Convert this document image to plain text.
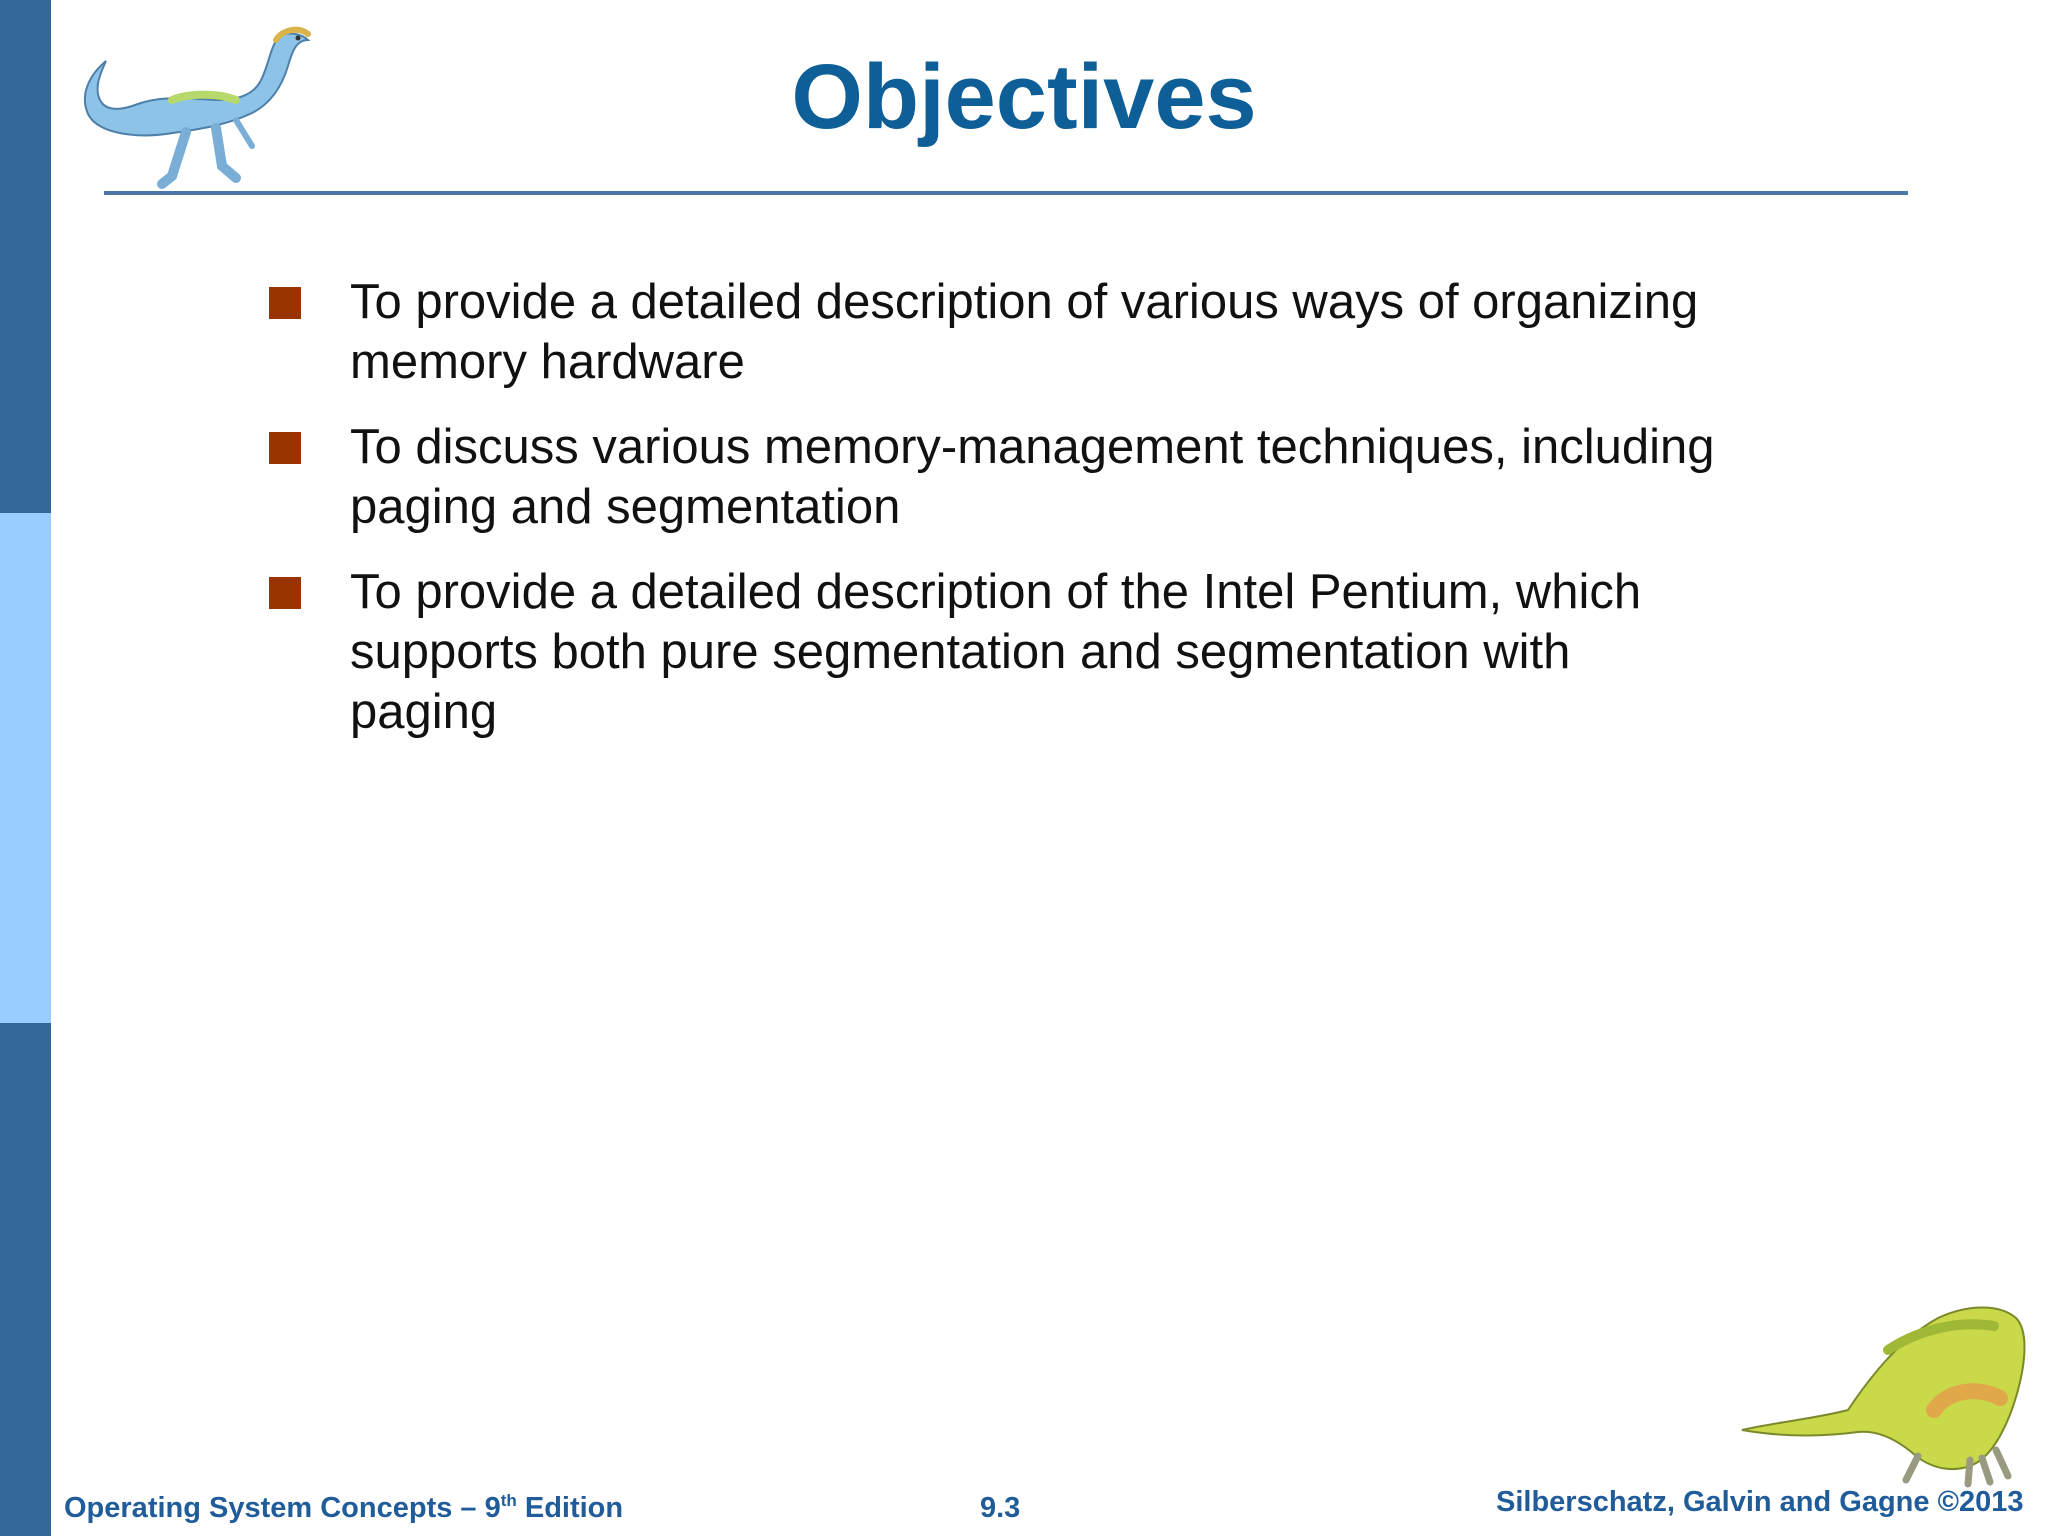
Objectives
To provide a detailed description of various ways of organizing memory hardware
To discuss various memory-management techniques, including paging and segmentation
To provide a detailed description of the Intel Pentium, which supports both pure segmentation and segmentation with paging
Operating System Concepts – 9th Edition	9.3	Silberschatz, Galvin and Gagne ©2013
